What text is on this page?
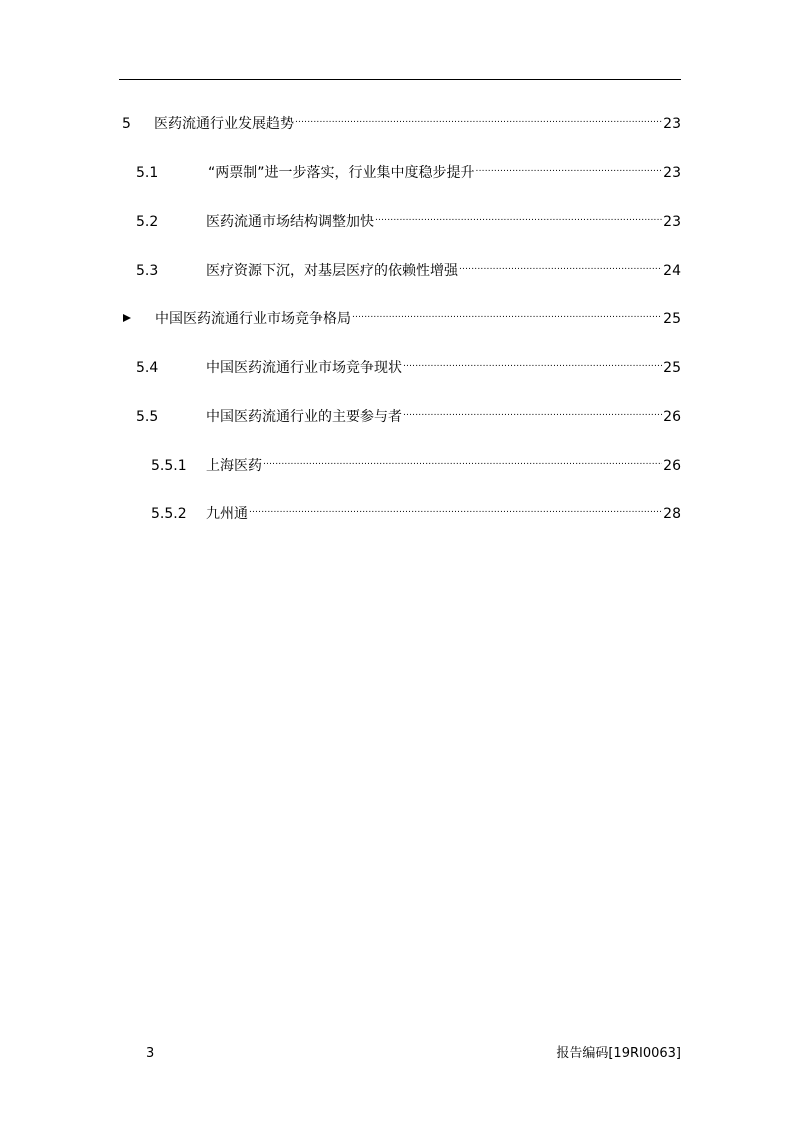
5	医药流通行业发展趋势 .....	23
5.1	“两票制”进一步落实，行业集中度稳步提升 .....	23
5.2	医药流通市场结构调整加快 .....	23
5.3	医疗资源下沉，对基层医疗的依赖性增强 .....	24
中国医药流通行业市场竞争格局 .....	25
5.4	中国医药流通行业市场竞争现状 .....	25
5.5	中国医药流通行业的主要参与者 .....	26
5.5.1	上海医药 .....	26
5.5.2	九州通 .....	28
3	报告编码[19RI0063]
